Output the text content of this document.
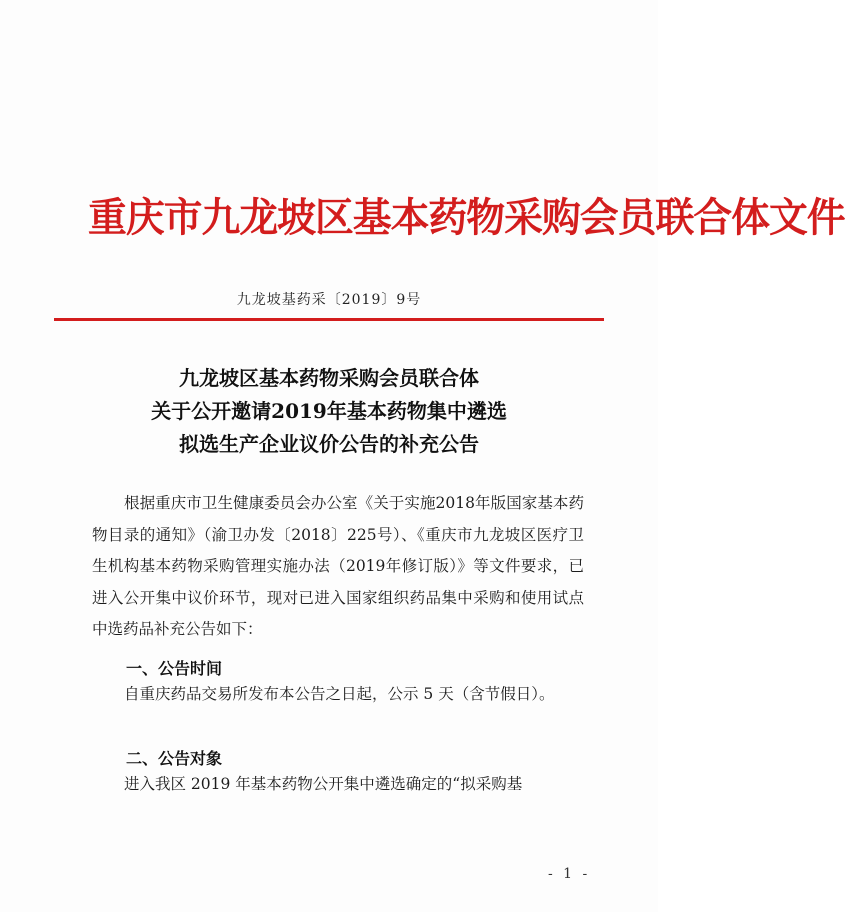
重庆市九龙坡区基本药物采购会员联合体文件
九龙坡基药采〔2019〕9号
九龙坡区基本药物采购会员联合体
关于公开邀请2019年基本药物集中遴选
拟选生产企业议价公告的补充公告
根据重庆市卫生健康委员会办公室《关于实施2018年版国家基本药物目录的通知》（渝卫办发〔2018〕225号）、《重庆市九龙坡区医疗卫生机构基本药物采购管理实施办法（2019年修订版）》等文件要求，已进入公开集中议价环节，现对已进入国家组织药品集中采购和使用试点中选药品补充公告如下：
一、公告时间
自重庆药品交易所发布本公告之日起，公示 5 天（含节假日）。
二、公告对象
进入我区 2019 年基本药物公开集中遴选确定的“拟采购基
- 1 -
